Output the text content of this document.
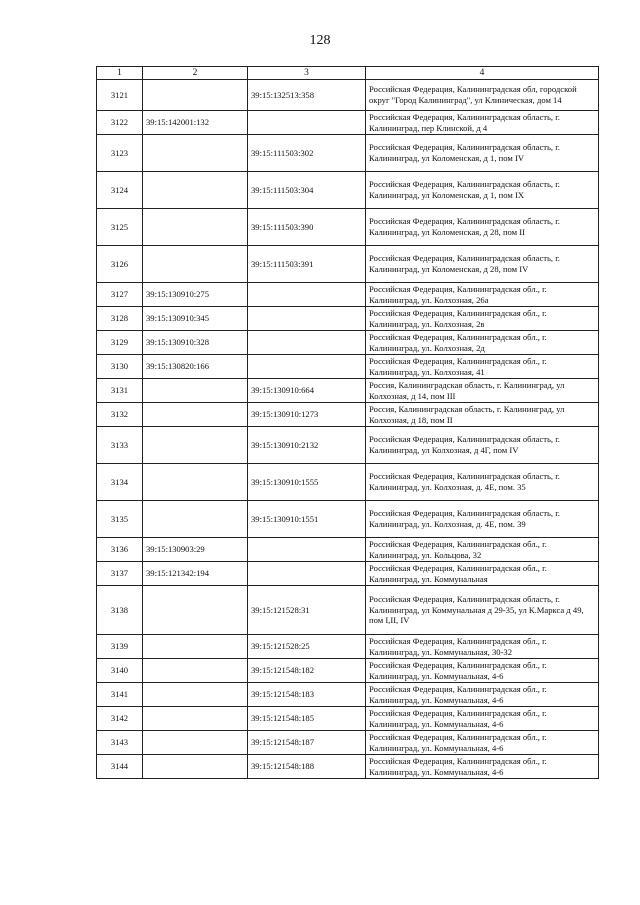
128
1	2	3	4
3121		39:15:132513:358	Российская Федерация, Калининградская обл, городской округ "Город Калининград", ул Клиническая, дом 14
3122	39:15:142001:132		Российская Федерация, Калининградская область, г. Калининград, пер Клинской, д 4
3123		39:15:111503:302	Российская Федерация, Калининградская область, г. Калининград, ул Коломенская, д 1, пом IV
3124		39:15:111503:304	Российская Федерация, Калининградская область, г. Калининград, ул Коломенская, д 1, пом IX
3125		39:15:111503:390	Российская Федерация, Калининградская область, г. Калининград, ул Коломенская, д 28, пом II
3126		39:15:111503:391	Российская Федерация, Калининградская область, г. Калининград, ул Коломенская, д 28, пом IV
3127	39:15:130910:275		Российская Федерация, Калининградская обл., г. Калининград, ул. Колхозная, 26а
3128	39:15:130910:345		Российская Федерация, Калининградская обл., г. Калининград, ул. Колхозная, 2в
3129	39:15:130910:328		Российская Федерация, Калининградская обл., г. Калининград, ул. Колхозная, 2д
3130	39:15:130820:166		Российская Федерация, Калининградская обл., г. Калининград, ул. Колхозная, 41
3131		39:15:130910:664	Россия, Калининградская область, г. Калининград, ул Колхозная, д 14, пом III
3132		39:15:130910:1273	Россия, Калининградская область, г. Калининград, ул Колхозная, д 18, пом II
3133		39:15:130910:2132	Российская Федерация, Калининградская область, г. Калининград, ул Колхозная, д 4Г, пом IV
3134		39:15:130910:1555	Российская Федерация, Калининградская область, г. Калининград, ул. Колхозная, д. 4Е, пом. 35
3135		39:15:130910:1551	Российская Федерация, Калининградская область, г. Калининград, ул. Колхозная, д. 4Е, пом. 39
3136	39:15:130903:29		Российская Федерация, Калининградская обл., г. Калининград, ул. Кольцова, 32
3137	39:15:121342:194		Российская Федерация, Калининградская обл., г. Калининград, ул. Коммунальная
3138		39:15:121528:31	Российская Федерация, Калининградская область, г. Калининград, ул Коммунальная д 29-35, ул К.Маркса д 49, пом I,II, IV
3139		39:15:121528:25	Российская Федерация, Калининградская обл., г. Калининград, ул. Коммунальная, 30-32
3140		39:15:121548:182	Российская Федерация, Калининградская обл., г. Калининград, ул. Коммунальная, 4-6
3141		39:15:121548:183	Российская Федерация, Калининградская обл., г. Калининград, ул. Коммунальная, 4-6
3142		39:15:121548:185	Российская Федерация, Калининградская обл., г. Калининград, ул. Коммунальная, 4-6
3143		39:15:121548:187	Российская Федерация, Калининградская обл., г. Калининград, ул. Коммунальная, 4-6
3144		39:15:121548:188	Российская Федерация, Калининградская обл., г. Калининград, ул. Коммунальная, 4-6
